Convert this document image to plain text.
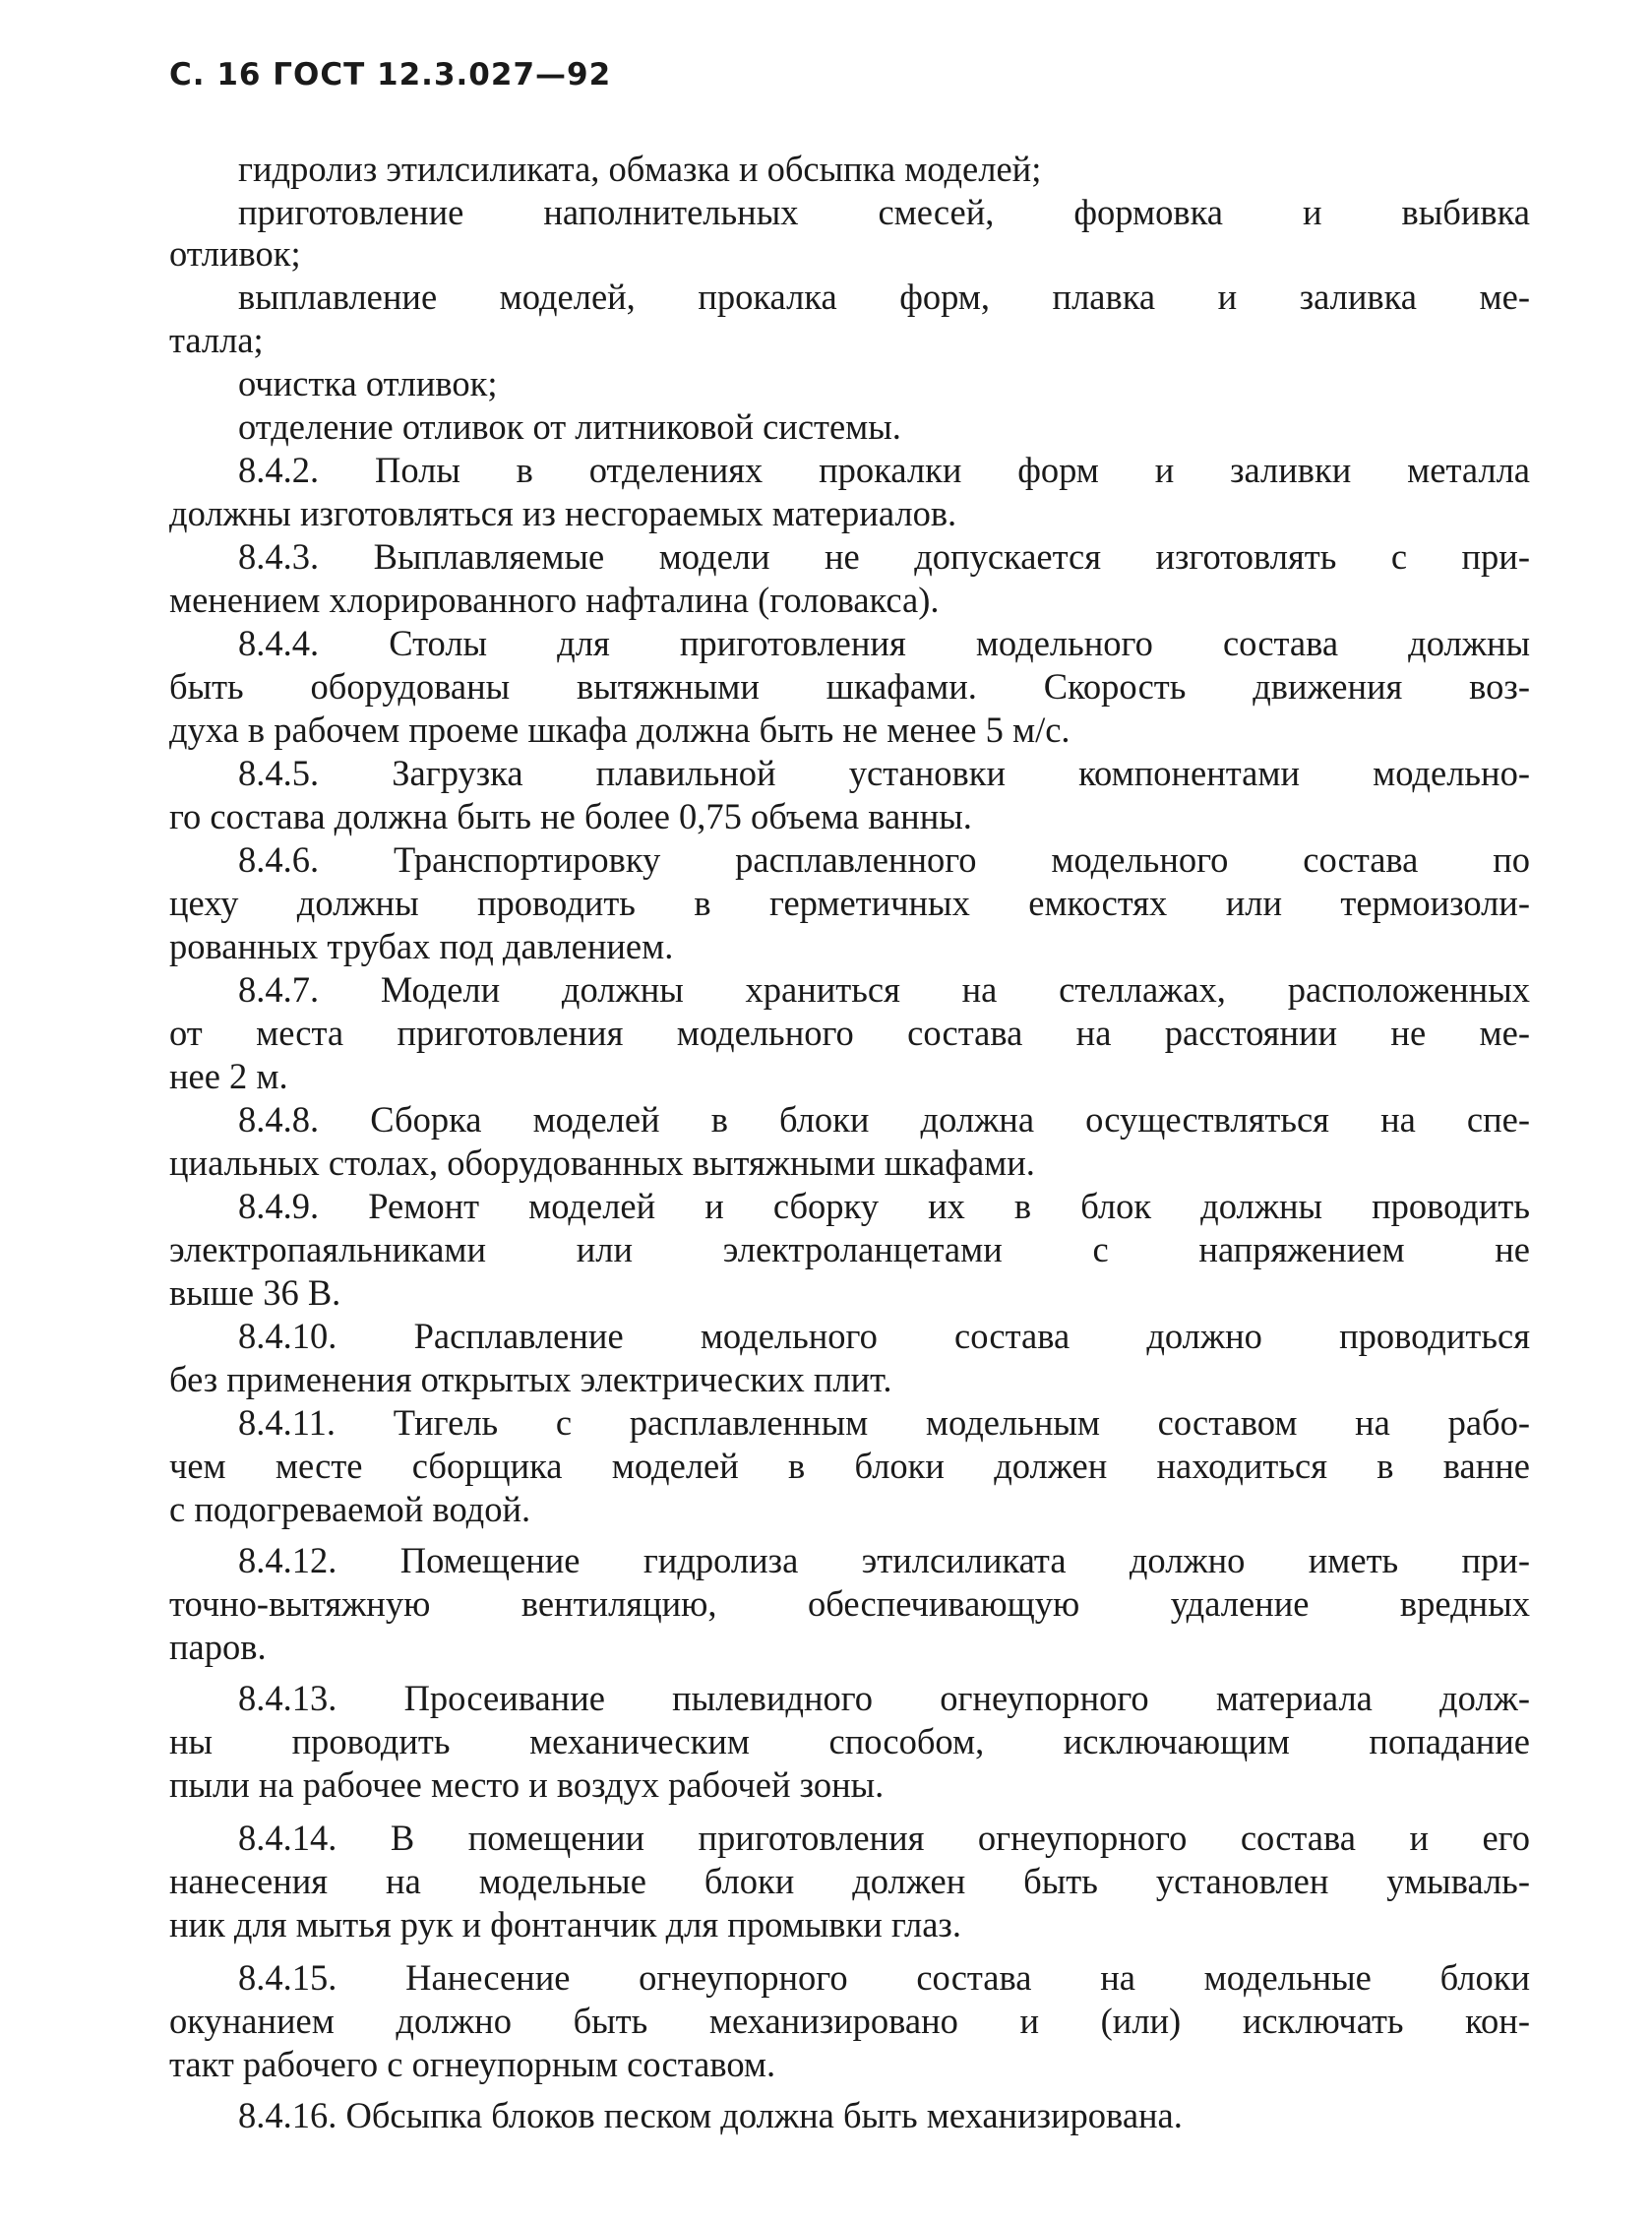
С. 16 ГОСТ 12.3.027—92
гидролиз этилсиликата, обмазка и обсыпка моделей;
приготовление наполнительных смесей, формовка и выбивка
отливок;
выплавление моделей, прокалка форм, плавка и заливка ме-
талла;
очистка отливок;
отделение отливок от литниковой системы.
8.4.2. Полы в отделениях прокалки форм и заливки металла
должны изготовляться из несгораемых материалов.
8.4.3. Выплавляемые модели не допускается изготовлять с при-
менением хлорированного нафталина (головакса).
8.4.4. Столы для приготовления модельного состава должны
быть оборудованы вытяжными шкафами. Скорость движения воз-
духа в рабочем проеме шкафа должна быть не менее 5 м/с.
8.4.5. Загрузка плавильной установки компонентами модельно-
го состава должна быть не более 0,75 объема ванны.
8.4.6. Транспортировку расплавленного модельного состава по
цеху должны проводить в герметичных емкостях или термоизоли-
рованных трубах под давлением.
8.4.7. Модели должны храниться на стеллажах, расположенных
от места приготовления модельного состава на расстоянии не ме-
нее 2 м.
8.4.8. Сборка моделей в блоки должна осуществляться на спе-
циальных столах, оборудованных вытяжными шкафами.
8.4.9. Ремонт моделей и сборку их в блок должны проводить
электропаяльниками или электроланцетами с напряжением не
выше 36 В.
8.4.10. Расплавление модельного состава должно проводиться
без применения открытых электрических плит.
8.4.11. Тигель с расплавленным модельным составом на рабо-
чем месте сборщика моделей в блоки должен находиться в ванне
с подогреваемой водой.
8.4.12. Помещение гидролиза этилсиликата должно иметь при-
точно-вытяжную вентиляцию, обеспечивающую удаление вредных
паров.
8.4.13. Просеивание пылевидного огнеупорного материала долж-
ны проводить механическим способом, исключающим попадание
пыли на рабочее место и воздух рабочей зоны.
8.4.14. В помещении приготовления огнеупорного состава и его
нанесения на модельные блоки должен быть установлен умываль-
ник для мытья рук и фонтанчик для промывки глаз.
8.4.15. Нанесение огнеупорного состава на модельные блоки
окунанием должно быть механизировано и (или) исключать кон-
такт рабочего с огнеупорным составом.
8.4.16. Обсыпка блоков песком должна быть механизирована.
